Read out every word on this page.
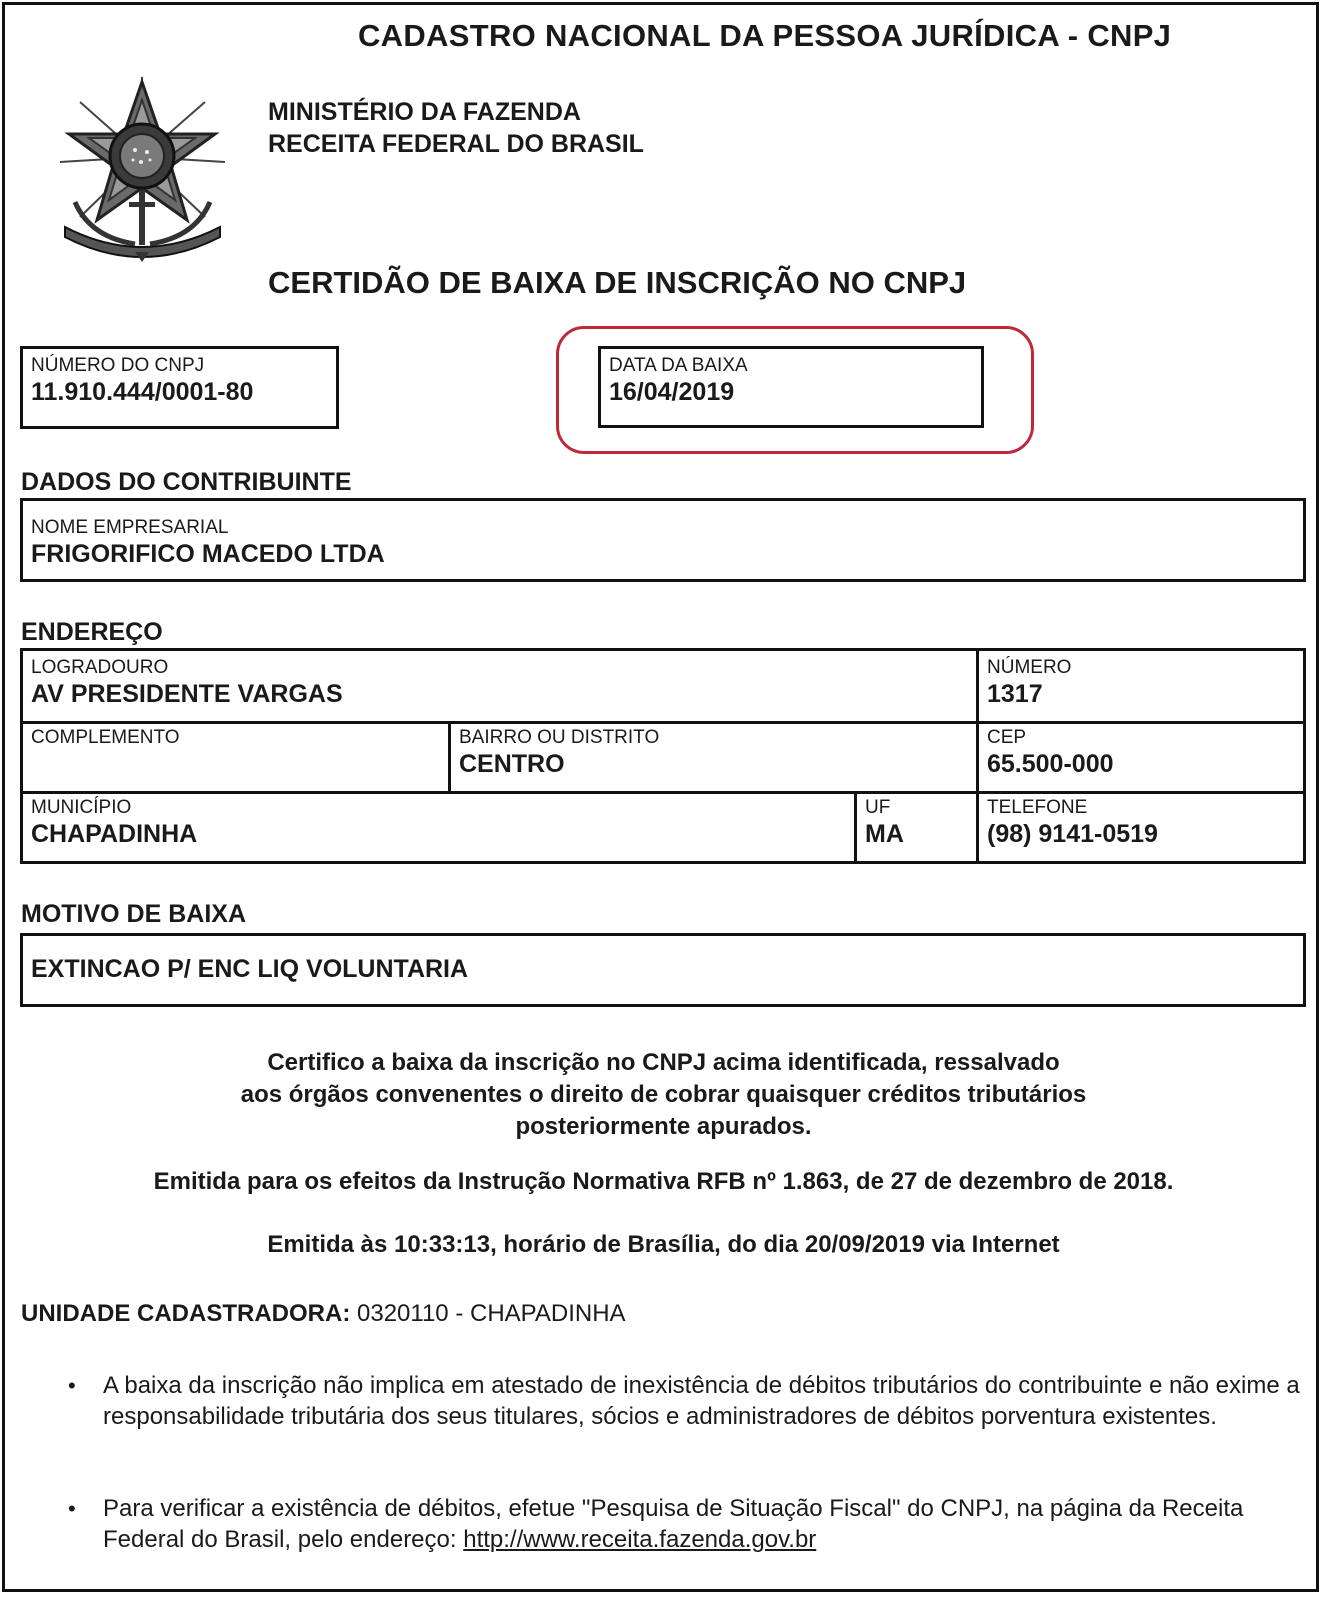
CADASTRO NACIONAL DA PESSOA JURÍDICA - CNPJ
MINISTÉRIO DA FAZENDA
RECEITA FEDERAL DO BRASIL
CERTIDÃO DE BAIXA DE INSCRIÇÃO NO CNPJ
NÚMERO DO CNPJ
11.910.444/0001-80
DATA DA BAIXA
16/04/2019
DADOS DO CONTRIBUINTE
NOME EMPRESARIAL
FRIGORIFICO MACEDO LTDA
ENDEREÇO
LOGRADOURO
AV PRESIDENTE VARGAS
NÚMERO
1317
COMPLEMENTO	BAIRRO OU DISTRITO
CENTRO
CEP
65.500-000
MUNICÍPIO
CHAPADINHA
UF
MA
TELEFONE
(98) 9141-0519
MOTIVO DE BAIXA
EXTINCAO P/ ENC LIQ VOLUNTARIA
Certifico a baixa da inscrição no CNPJ acima identificada, ressalvado
aos órgãos convenentes o direito de cobrar quaisquer créditos tributários
posteriormente apurados.
Emitida para os efeitos da Instrução Normativa RFB nº 1.863, de 27 de dezembro de 2018.
Emitida às 10:33:13, horário de Brasília, do dia 20/09/2019 via Internet
UNIDADE CADASTRADORA: 0320110 - CHAPADINHA
• A baixa da inscrição não implica em atestado de inexistência de débitos tributários do contribuinte e não exime a responsabilidade tributária dos seus titulares, sócios e administradores de débitos porventura existentes.
• Para verificar a existência de débitos, efetue "Pesquisa de Situação Fiscal" do CNPJ, na página da Receita Federal do Brasil, pelo endereço: http://www.receita.fazenda.gov.br
